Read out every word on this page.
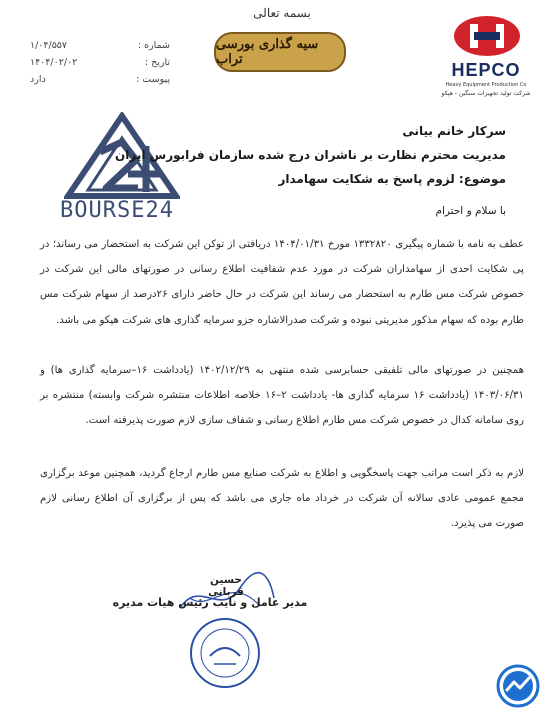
بسمه تعالی
سیه گذاری بورسی تراب
شماره :
۱/۰۴/۵۵۷
تاریخ :
۱۴۰۴/۰۲/۰۲
پیوست :
دارد	HEPCO
Heavy Equipment Production Co
شرکت تولید تجهیزات سنگین - هپکو
BOURSE24
سرکار خانم بیانی
مدیریت محترم نظارت بر ناشران درج شده سازمان فرابورس ایران
موضوع: لزوم پاسخ به شکایت سهامدار
با سلام و احترام
عطف به نامه با شماره پیگیری ۱۳۳۲۸۲۰ مورخ ۱۴۰۴/۰۱/۳۱ دریافتی از توکن این شرکت به استحضار می رساند؛ در پی شکایت احدی از سهامداران شرکت در مورد عدم شفافیت اطلاع رسانی در صورتهای مالی این شرکت در خصوص شرکت مس طارم به استحضار می رساند این شرکت در حال حاضر دارای ۲۶درصد از سهام شرکت مس طارم بوده که سهام مذکور مدیریتی نبوده و شرکت صدرالاشاره جزو سرمایه گذاری های شرکت هپکو می باشد.
همچنین در صورتهای مالی تلفیقی حسابرسی شده منتهی به ۱۴۰۲/۱۲/۲۹ (یادداشت ۱۶–سرمایه گذاری ها) و ۱۴۰۳/۰۶/۳۱ (یادداشت ۱۶ سرمایه گذاری ها- یادداشت ۲–۱۶ خلاصه اطلاعات منتشره شرکت وابسته) منتشره بر روی سامانه کدال در خصوص شرکت مس طارم اطلاع رسانی و شفاف سازی لازم صورت پذیرفته است.
لازم به ذکر است مراتب جهت پاسخگویی و اطلاع به شرکت صنایع مس طارم ارجاع گردید، همچنین موعد برگزاری مجمع عمومی عادی سالانه آن شرکت در خرداد ماه جاری می باشد که پس از برگزاری آن اطلاع رسانی لازم صورت می پذیرد.
حسین قربانی
مدیر عامل و نایب رئیس هیات مدیره
